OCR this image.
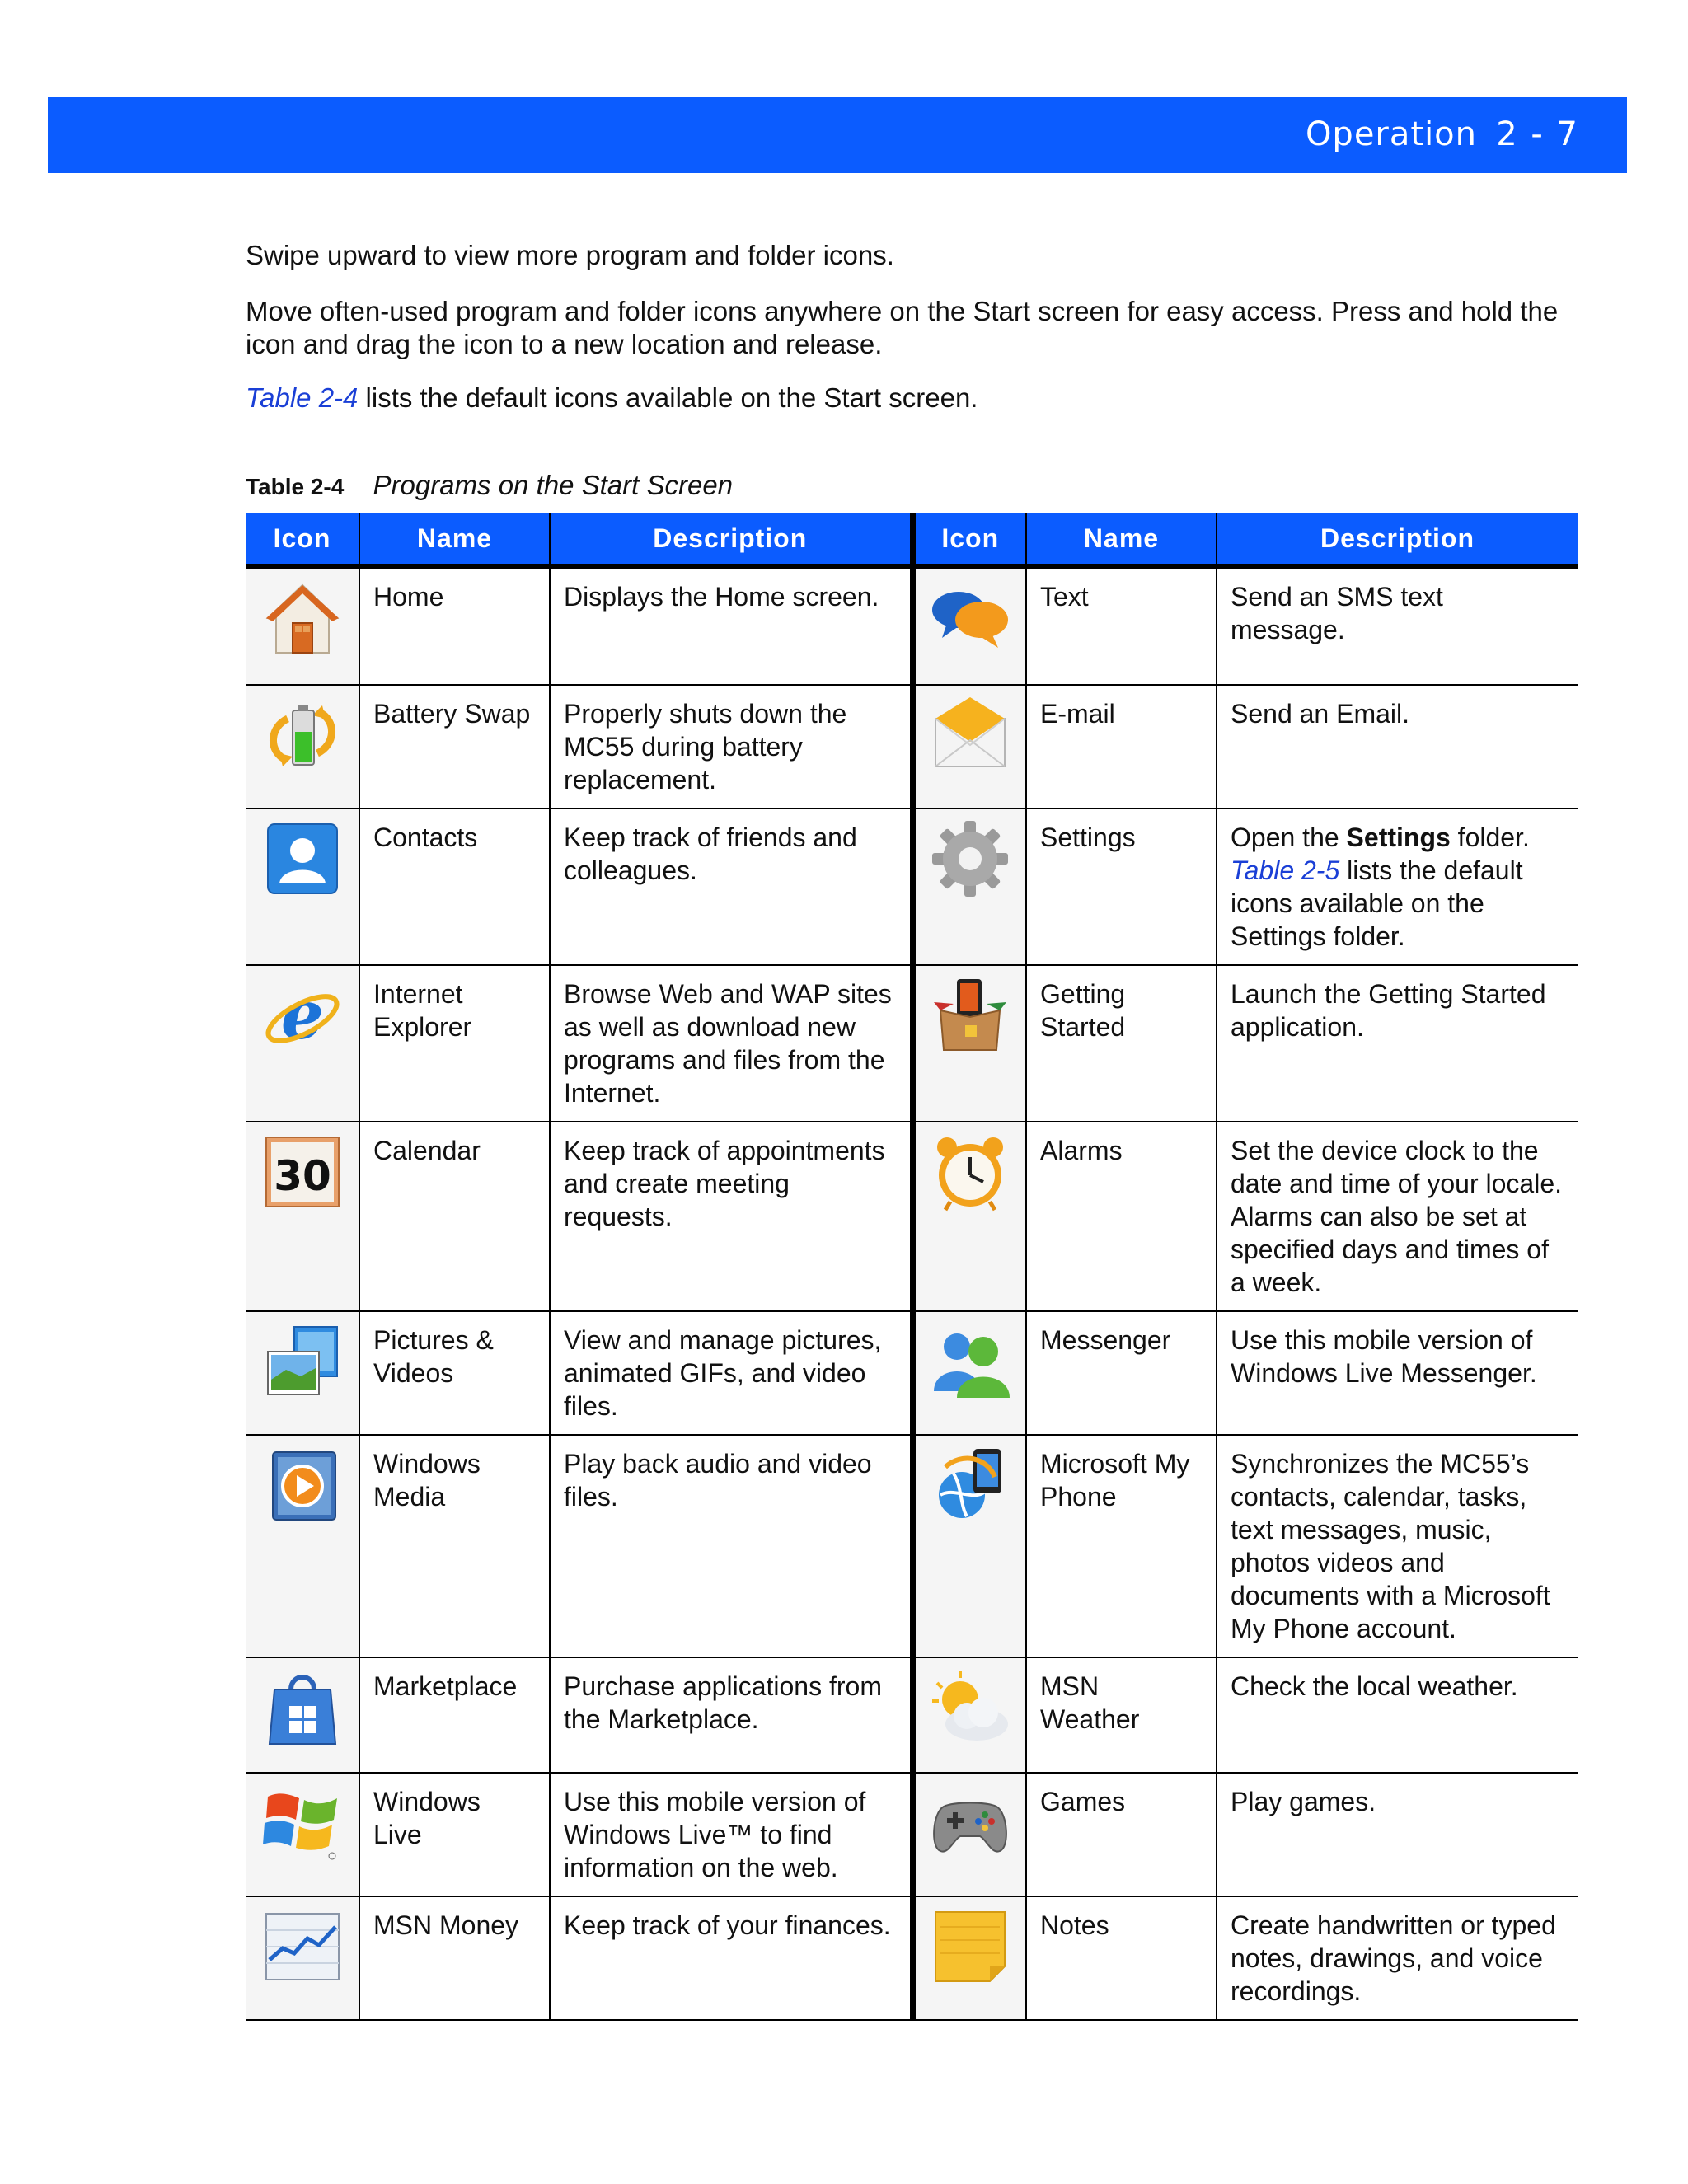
Operation 2 - 7

Swipe upward to view more program and folder icons.

Move often-used program and folder icons anywhere on the Start screen for easy access. Press and hold the icon and drag the icon to a new location and release.

Table 2-4 lists the default icons available on the Start screen.

Table 2-4 Programs on the Start Screen
Icon	Name	Description	Icon	Name	Description

	Home	Displays the Home screen.		Text	Send an SMS text message.

	Battery Swap	Properly shuts down the MC55 during battery replacement.		E-mail	Send an Email.

	Contacts	Keep track of friends and colleagues.		Settings	Open the Settings folder. Table 2-5 lists the default icons available on the Settings folder.

e	Internet Explorer	Browse Web and WAP sites as well as download new programs and files from the Internet.		Getting Started	Launch the Getting Started application.

30	Calendar	Keep track of appointments and create meeting requests.		Alarms	Set the device clock to the date and time of your locale. Alarms can also be set at specified days and times of a week.

	Pictures & Videos	View and manage pictures, animated GIFs, and video files.		Messenger	Use this mobile version of Windows Live Messenger.

	Windows Media	Play back audio and video files.		Microsoft My Phone	Synchronizes the MC55’s contacts, calendar, tasks, text messages, music, photos videos and documents with a Microsoft My Phone account.

	Marketplace	Purchase applications from the Marketplace.		MSN Weather	Check the local weather.

	Windows Live	Use this mobile version of Windows Live™ to find information on the web.		Games	Play games.

	MSN Money	Keep track of your finances.		Notes	Create handwritten or typed notes, drawings, and voice recordings.
